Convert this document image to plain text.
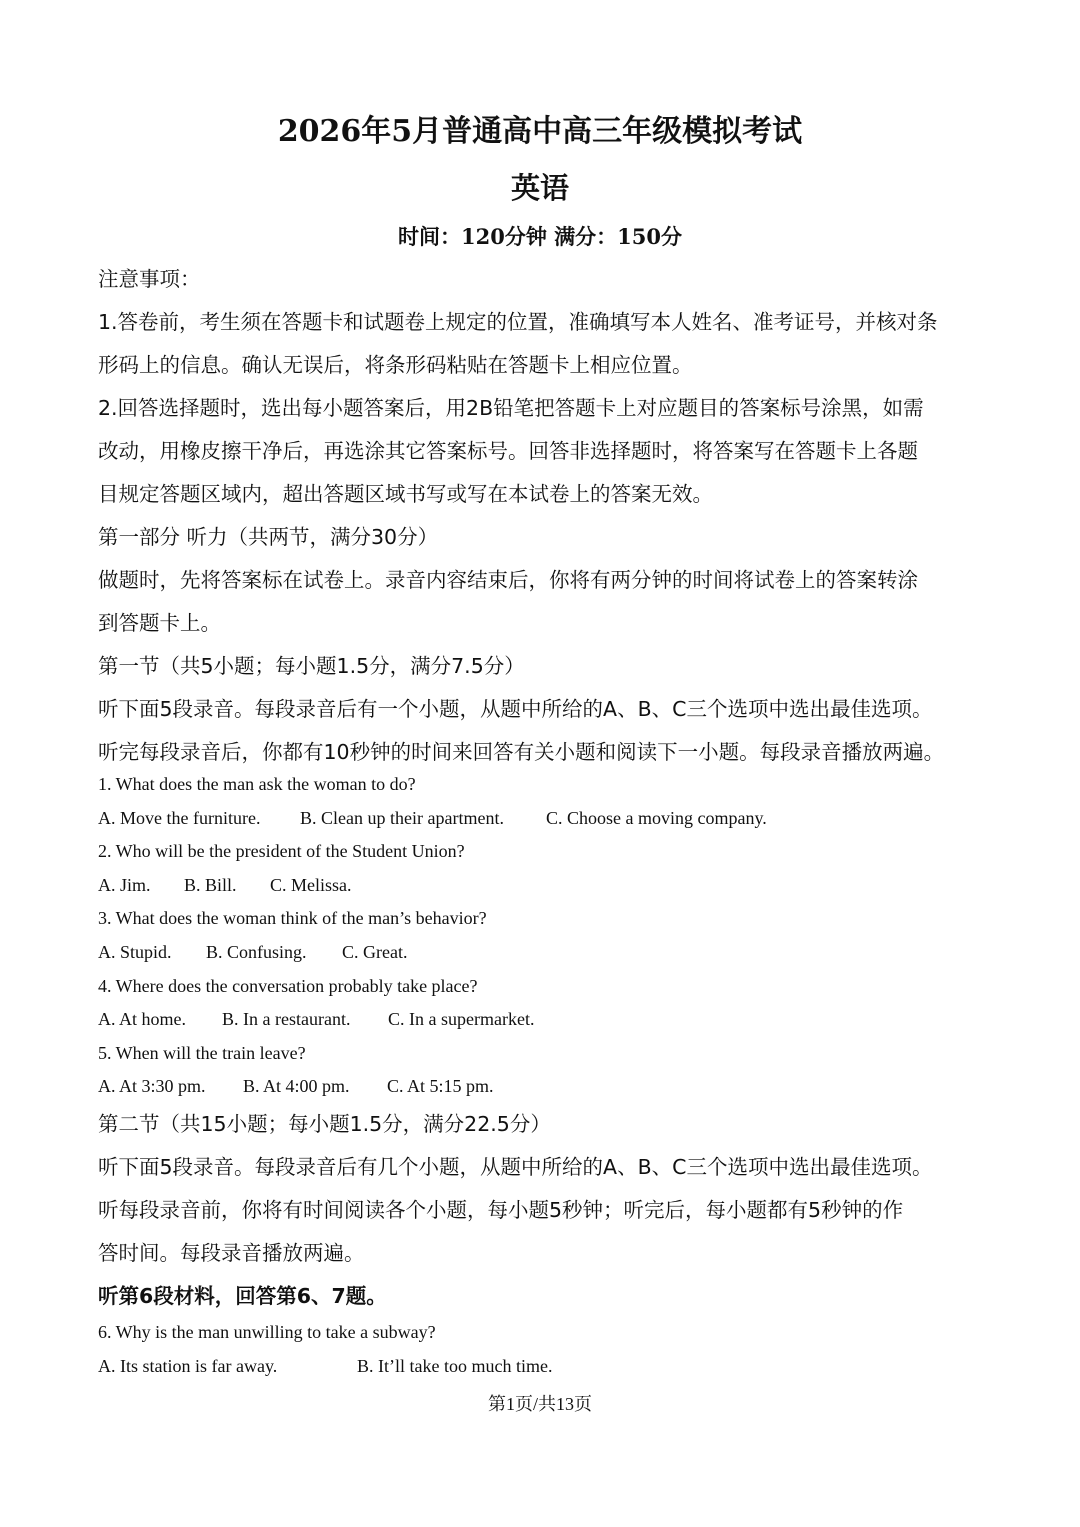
2026年5月普通高中高三年级模拟考试
英语
时间：120分钟 满分：150分

注意事项：

1.答卷前，考生须在答题卡和试题卷上规定的位置，准确填写本人姓名、准考证号，并核对条

形码上的信息。确认无误后，将条形码粘贴在答题卡上相应位置。

2.回答选择题时，选出每小题答案后，用2B铅笔把答题卡上对应题目的答案标号涂黑，如需

改动，用橡皮擦干净后，再选涂其它答案标号。回答非选择题时，将答案写在答题卡上各题

目规定答题区域内，超出答题区域书写或写在本试卷上的答案无效。

第一部分 听力（共两节，满分30分）

做题时，先将答案标在试卷上。录音内容结束后，你将有两分钟的时间将试卷上的答案转涂

到答题卡上。

第一节（共5小题；每小题1.5分，满分7.5分）

听下面5段录音。每段录音后有一个小题，从题中所给的A、B、C三个选项中选出最佳选项。

听完每段录音后，你都有10秒钟的时间来回答有关小题和阅读下一小题。每段录音播放两遍。

1. What does the man ask the woman to do?

A. Move the furniture. B. Clean up their apartment. C. Choose a moving company.

2. Who will be the president of the Student Union?

A. Jim. B. Bill. C. Melissa.

3. What does the woman think of the man’s behavior?

A. Stupid. B. Confusing. C. Great.

4. Where does the conversation probably take place?

A. At home. B. In a restaurant. C. In a supermarket.

5. When will the train leave?

A. At 3:30 pm. B. At 4:00 pm. C. At 5:15 pm.

第二节（共15小题；每小题1.5分，满分22.5分）

听下面5段录音。每段录音后有几个小题，从题中所给的A、B、C三个选项中选出最佳选项。

听每段录音前，你将有时间阅读各个小题，每小题5秒钟；听完后，每小题都有5秒钟的作

答时间。每段录音播放两遍。

听第6段材料，回答第6、7题。

6. Why is the man unwilling to take a subway?

A. Its station is far away.	B. It’ll take too much time.

第1页/共13页
